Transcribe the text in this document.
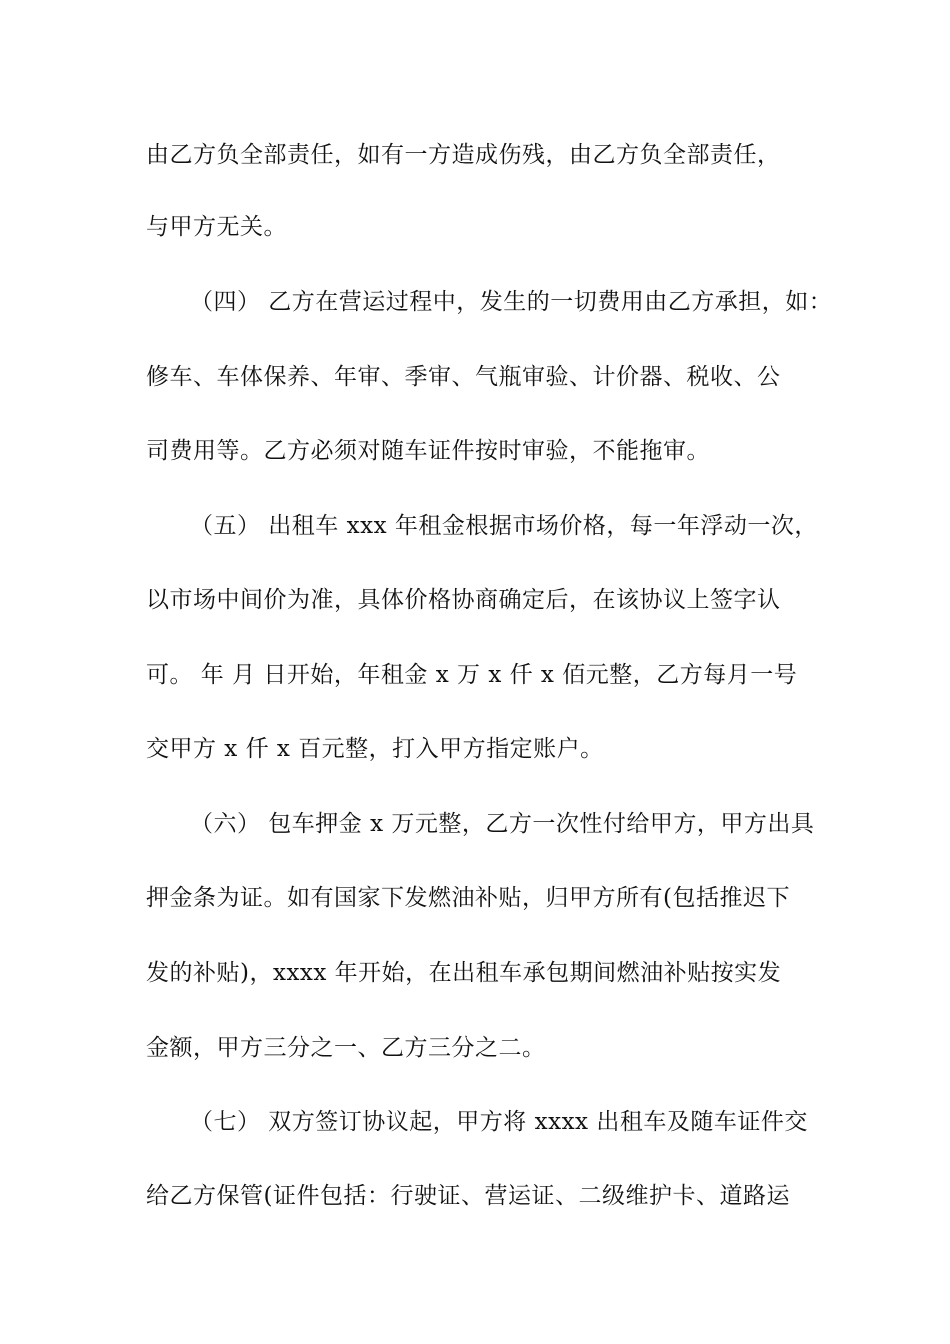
由乙方负全部责任，如有一方造成伤残，由乙方负全部责任，
与甲方无关。
（四） 乙方在营运过程中，发生的一切费用由乙方承担，如：
修车、车体保养、年审、季审、气瓶审验、计价器、税收、公
司费用等。乙方必须对随车证件按时审验，不能拖审。
（五） 出租车 xxx 年租金根据市场价格，每一年浮动一次，
以市场中间价为准，具体价格协商确定后，在该协议上签字认
可。 年 月 日开始，年租金 x 万 x 仟 x 佰元整，乙方每月一号
交甲方 x 仟 x 百元整，打入甲方指定账户。
（六） 包车押金 x 万元整，乙方一次性付给甲方，甲方出具
押金条为证。如有国家下发燃油补贴，归甲方所有(包括推迟下
发的补贴)，xxxx 年开始，在出租车承包期间燃油补贴按实发
金额，甲方三分之一、乙方三分之二。
（七） 双方签订协议起，甲方将 xxxx 出租车及随车证件交
给乙方保管(证件包括：行驶证、营运证、二级维护卡、道路运
